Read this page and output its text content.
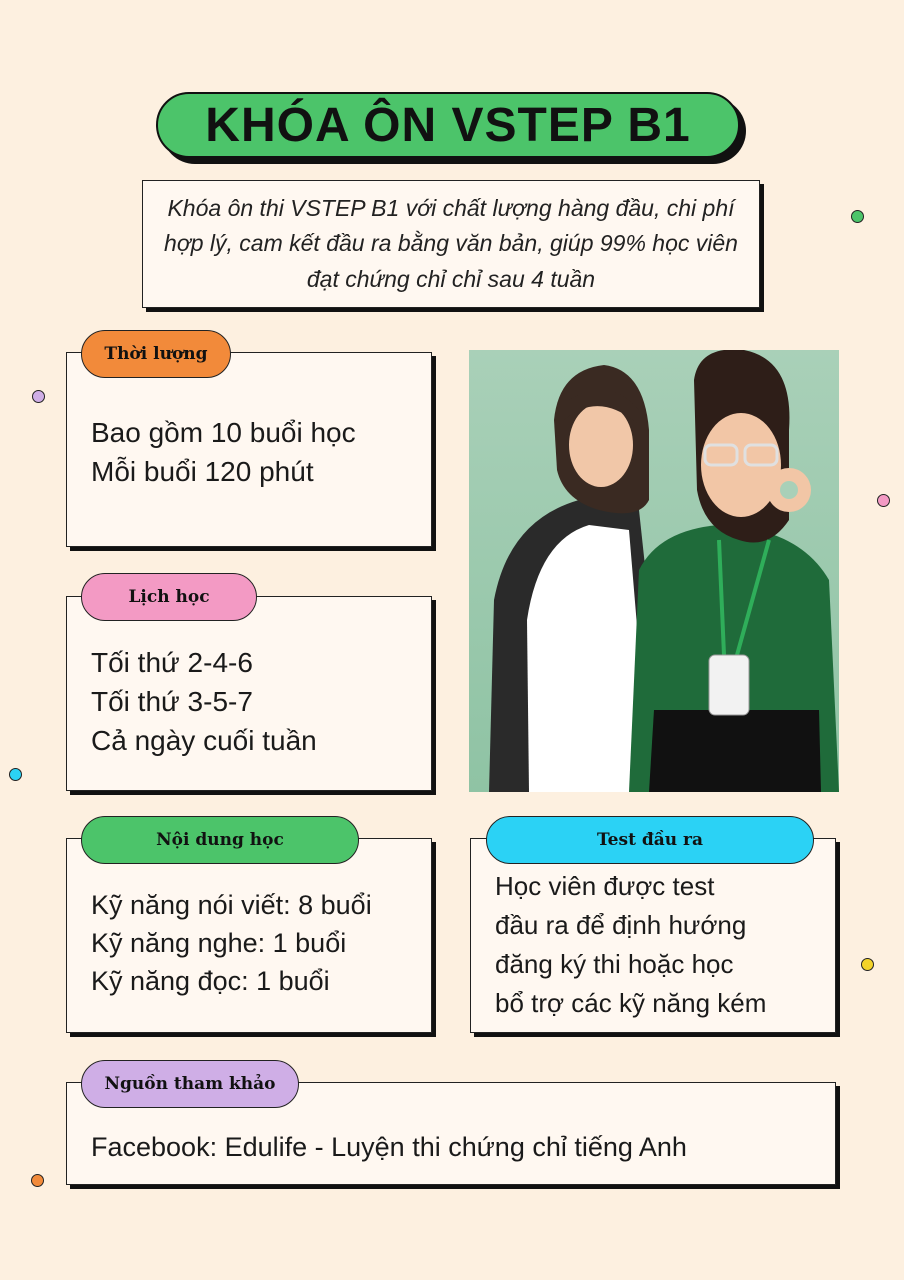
KHÓA ÔN VSTEP B1

Khóa ôn thi VSTEP B1 với chất lượng hàng đầu, chi phí hợp lý, cam kết đầu ra bằng văn bản, giúp 99% học viên đạt chứng chỉ chỉ sau 4 tuần

Bao gồm 10 buổi học
Mỗi buổi 120 phút
Thời lượng
Tối thứ 2-4-6
Tối thứ 3-5-7
Cả ngày cuối tuần
Lịch học
Kỹ năng nói viết: 8 buổi
Kỹ năng nghe: 1 buổi
Kỹ năng đọc: 1 buổi
Nội dung học
Học viên được test
đầu ra để định hướng
đăng ký thi hoặc học
bổ trợ các kỹ năng kém
Test đầu ra
Facebook: Edulife - Luyện thi chứng chỉ tiếng Anh
Nguồn tham khảo
